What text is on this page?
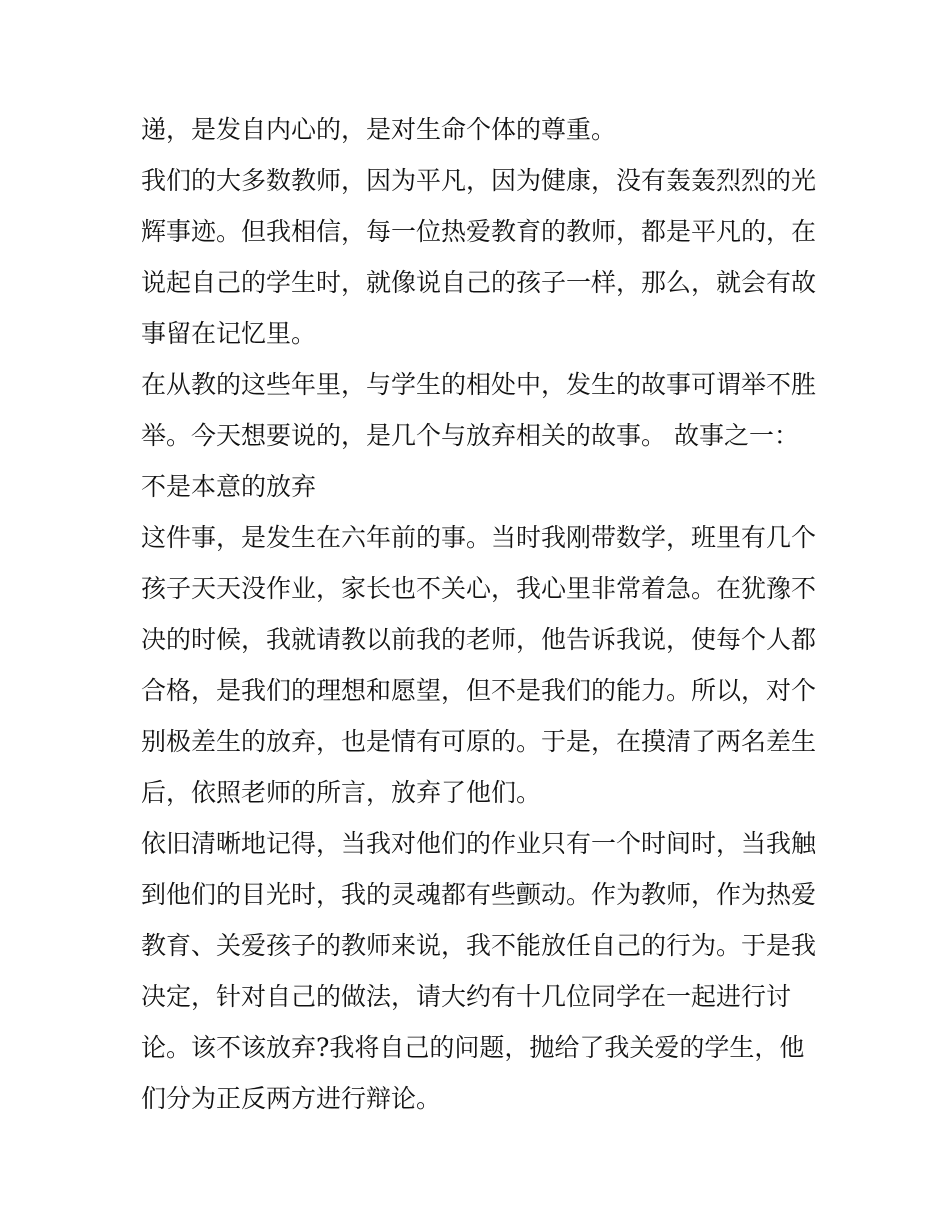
递，是发自内心的，是对生命个体的尊重。
我们的大多数教师，因为平凡，因为健康，没有轰轰烈烈的光
辉事迹。但我相信，每一位热爱教育的教师，都是平凡的，在
说起自己的学生时，就像说自己的孩子一样，那么，就会有故
事留在记忆里。
在从教的这些年里，与学生的相处中，发生的故事可谓举不胜
举。今天想要说的，是几个与放弃相关的故事。 故事之一：
不是本意的放弃
这件事，是发生在六年前的事。当时我刚带数学，班里有几个
孩子天天没作业，家长也不关心，我心里非常着急。在犹豫不
决的时候，我就请教以前我的老师，他告诉我说，使每个人都
合格，是我们的理想和愿望，但不是我们的能力。所以，对个
别极差生的放弃，也是情有可原的。于是，在摸清了两名差生
后，依照老师的所言，放弃了他们。
依旧清晰地记得，当我对他们的作业只有一个时间时，当我触
到他们的目光时，我的灵魂都有些颤动。作为教师，作为热爱
教育、关爱孩子的教师来说，我不能放任自己的行为。于是我
决定，针对自己的做法，请大约有十几位同学在一起进行讨
论。该不该放弃?我将自己的问题，抛给了我关爱的学生，他
们分为正反两方进行辩论。
